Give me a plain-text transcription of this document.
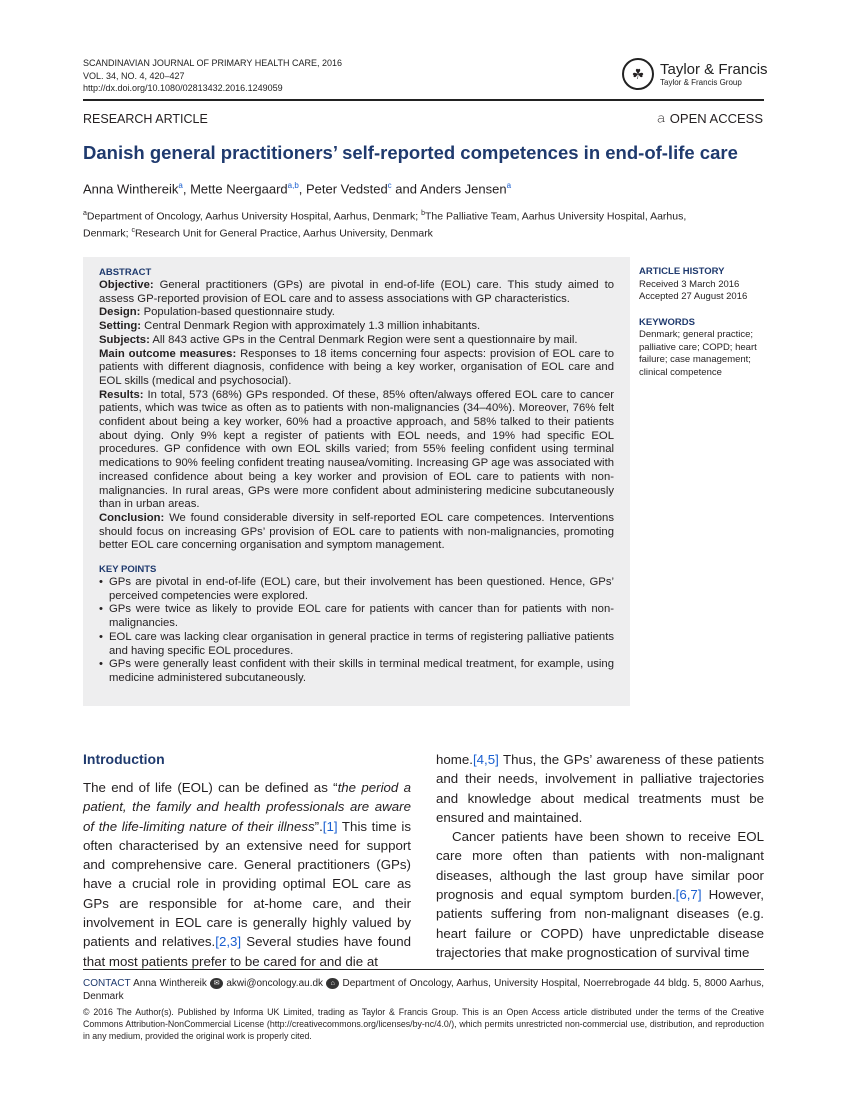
SCANDINAVIAN JOURNAL OF PRIMARY HEALTH CARE, 2016
VOL. 34, NO. 4, 420–427
http://dx.doi.org/10.1080/02813432.2016.1249059
☘	Taylor & Francis
Taylor & Francis Group
RESEARCH ARTICLE	𝚊 OPEN ACCESS
Danish general practitioners’ self-reported competences in end-of-life care
Anna Winthereik$^a$, Mette Neergaard$^{a,b}$, Peter Vedsted$^c$ and Anders Jensen$^a$
$^a$Department of Oncology, Aarhus University Hospital, Aarhus, Denmark; $^b$The Palliative Team, Aarhus University Hospital, Aarhus, Denmark; $^c$Research Unit for General Practice, Aarhus University, Denmark
ABSTRACT

Objective: General practitioners (GPs) are pivotal in end-of-life (EOL) care. This study aimed to assess GP-reported provision of EOL care and to assess associations with GP characteristics.

Design: Population-based questionnaire study.

Setting: Central Denmark Region with approximately 1.3 million inhabitants.

Subjects: All 843 active GPs in the Central Denmark Region were sent a questionnaire by mail.

Main outcome measures: Responses to 18 items concerning four aspects: provision of EOL care to patients with different diagnosis, confidence with being a key worker, organisation of EOL care and EOL skills (medical and psychosocial).

Results: In total, 573 (68%) GPs responded. Of these, 85% often/always offered EOL care to cancer patients, which was twice as often as to patients with non-malignancies (34–40%). Moreover, 76% felt confident about being a key worker, 60% had a proactive approach, and 58% talked to their patients about dying. Only 9% kept a register of patients with EOL needs, and 19% had specific EOL procedures. GP confidence with own EOL skills varied; from 55% feeling confident using terminal medications to 90% feeling confident treating nausea/vomiting. Increasing GP age was associated with increased confidence about being a key worker and provision of EOL care to patients with non-malignancies. In rural areas, GPs were more confident about administering medicine subcutaneously than in urban areas.

Conclusion: We found considerable diversity in self-reported EOL care competences. Interventions should focus on increasing GPs’ provision of EOL care to patients with non-malignancies, promoting better EOL care concerning organisation and symptom management.

KEY POINTS
• GPs are pivotal in end-of-life (EOL) care, but their involvement has been questioned. Hence, GPs’ perceived competencies were explored.
• GPs were twice as likely to provide EOL care for patients with cancer than for patients with non-malignancies.
• EOL care was lacking clear organisation in general practice in terms of registering palliative patients and having specific EOL procedures.
• GPs were generally least confident with their skills in terminal medical treatment, for example, using medicine administered subcutaneously.
ARTICLE HISTORY
Received 3 March 2016
Accepted 27 August 2016
KEYWORDS
Denmark; general practice; palliative care; COPD; heart failure; case management; clinical competence
Introduction

The end of life (EOL) can be defined as “the period a patient, the family and health professionals are aware of the life-limiting nature of their illness”.[1] This time is often characterised by an extensive need for support and comprehensive care. General practitioners (GPs) have a crucial role in providing optimal EOL care as GPs are responsible for at-home care, and their involvement in EOL care is generally highly valued by patients and relatives.[2,3] Several studies have found that most patients prefer to be cared for and die at

home.[4,5] Thus, the GPs’ awareness of these patients and their needs, involvement in palliative trajectories and knowledge about medical treatments must be ensured and maintained.

Cancer patients have been shown to receive EOL care more often than patients with non-malignant diseases, although the last group have similar poor prognosis and equal symptom burden.[6,7] However, patients suffering from non-malignant diseases (e.g. heart failure or COPD) have unpredictable disease trajectories that make prognostication of survival time

CONTACT Anna Winthereik ✉ akwi@oncology.au.dk ⌂ Department of Oncology, Aarhus, University Hospital, Noerrebrogade 44 bldg. 5, 8000 Aarhus, Denmark
© 2016 The Author(s). Published by Informa UK Limited, trading as Taylor & Francis Group. This is an Open Access article distributed under the terms of the Creative Commons Attribution-NonCommercial License (http://creativecommons.org/licenses/by-nc/4.0/), which permits unrestricted non-commercial use, distribution, and reproduction in any medium, provided the original work is properly cited.
